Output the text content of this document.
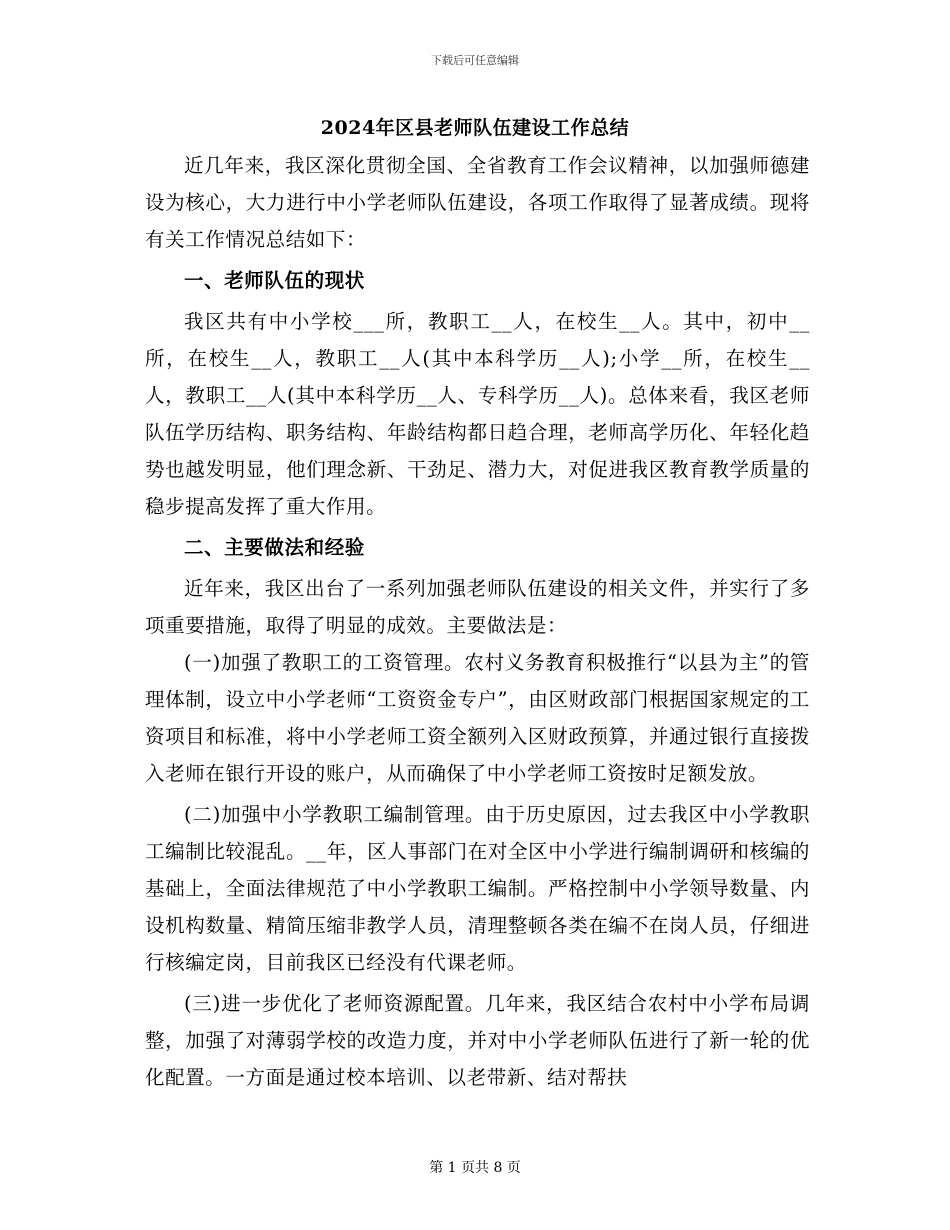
下载后可任意编辑
2024年区县老师队伍建设工作总结

近几年来，我区深化贯彻全国、全省教育工作会议精神，以加强师德建设为核心，大力进行中小学老师队伍建设，各项工作取得了显著成绩。现将有关工作情况总结如下：

一、老师队伍的现状

我区共有中小学校___所，教职工__人，在校生__人。其中，初中__所，在校生__人，教职工__人(其中本科学历__人);小学__所，在校生__人，教职工__人(其中本科学历__人、专科学历__人)。总体来看，我区老师队伍学历结构、职务结构、年龄结构都日趋合理，老师高学历化、年轻化趋势也越发明显，他们理念新、干劲足、潜力大，对促进我区教育教学质量的稳步提高发挥了重大作用。

二、主要做法和经验

近年来，我区出台了一系列加强老师队伍建设的相关文件，并实行了多项重要措施，取得了明显的成效。主要做法是：

(一)加强了教职工的工资管理。农村义务教育积极推行“以县为主”的管理体制，设立中小学老师“工资资金专户”，由区财政部门根据国家规定的工资项目和标准，将中小学老师工资全额列入区财政预算，并通过银行直接拨入老师在银行开设的账户，从而确保了中小学老师工资按时足额发放。

(二)加强中小学教职工编制管理。由于历史原因，过去我区中小学教职工编制比较混乱。__年，区人事部门在对全区中小学进行编制调研和核编的基础上，全面法律规范了中小学教职工编制。严格控制中小学领导数量、内设机构数量、精简压缩非教学人员，清理整顿各类在编不在岗人员，仔细进行核编定岗，目前我区已经没有代课老师。

(三)进一步优化了老师资源配置。几年来，我区结合农村中小学布局调整，加强了对薄弱学校的改造力度，并对中小学老师队伍进行了新一轮的优化配置。一方面是通过校本培训、以老带新、结对帮扶

第 1 页共 8 页
